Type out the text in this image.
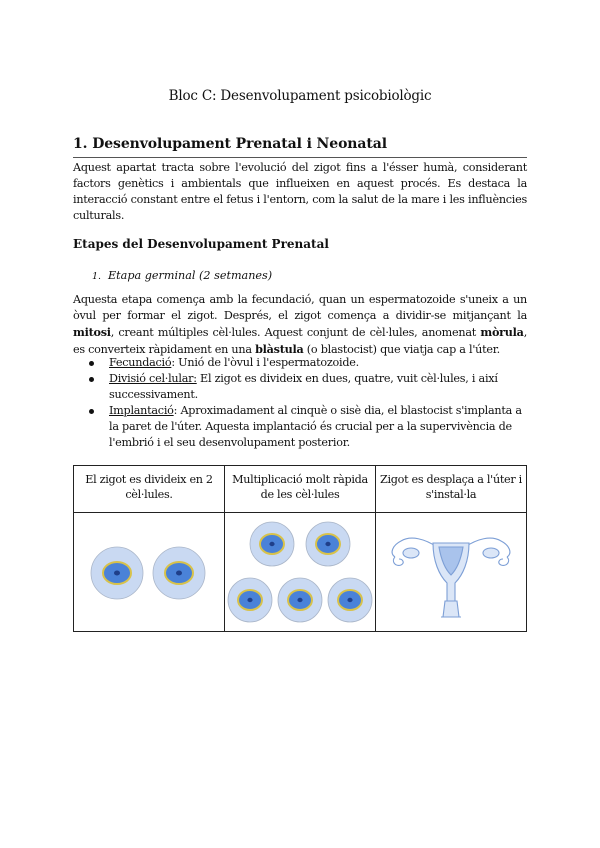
Bloc C: Desenvolupament psicobiològic
1. Desenvolupament Prenatal i Neonatal
Aquest apartat tracta sobre l'evolució del zigot fins a l'ésser humà, considerant factors genètics i ambientals que influeixen en aquest procés. Es destaca la interacció constant entre el fetus i l'entorn, com la salut de la mare i les influències culturals.
Etapes del Desenvolupament Prenatal
1. Etapa germinal (2 setmanes)
Aquesta etapa comença amb la fecundació, quan un espermatozoide s'uneix a un òvul per formar el zigot. Després, el zigot comença a dividir-se mitjançant la mitosi, creant múltiples cèl·lules. Aquest conjunt de cèl·lules, anomenat mòrula, es converteix ràpidament en una blàstula (o blastocist) que viatja cap a l'úter.
Fecundació: Unió de l'òvul i l'espermatozoide.
Divisió cel·lular: El zigot es divideix en dues, quatre, vuit cèl·lules, i així successivament.
Implantació: Aproximadament al cinquè o sisè dia, el blastocist s'implanta a la paret de l'úter. Aquesta implantació és crucial per a la supervivència de l'embrió i el seu desenvolupament posterior.
El zigot es divideix en 2 cèl·lules.	Multiplicació molt ràpida de les cèl·lules	Zigot es desplaça a l'úter i s'instal·la
